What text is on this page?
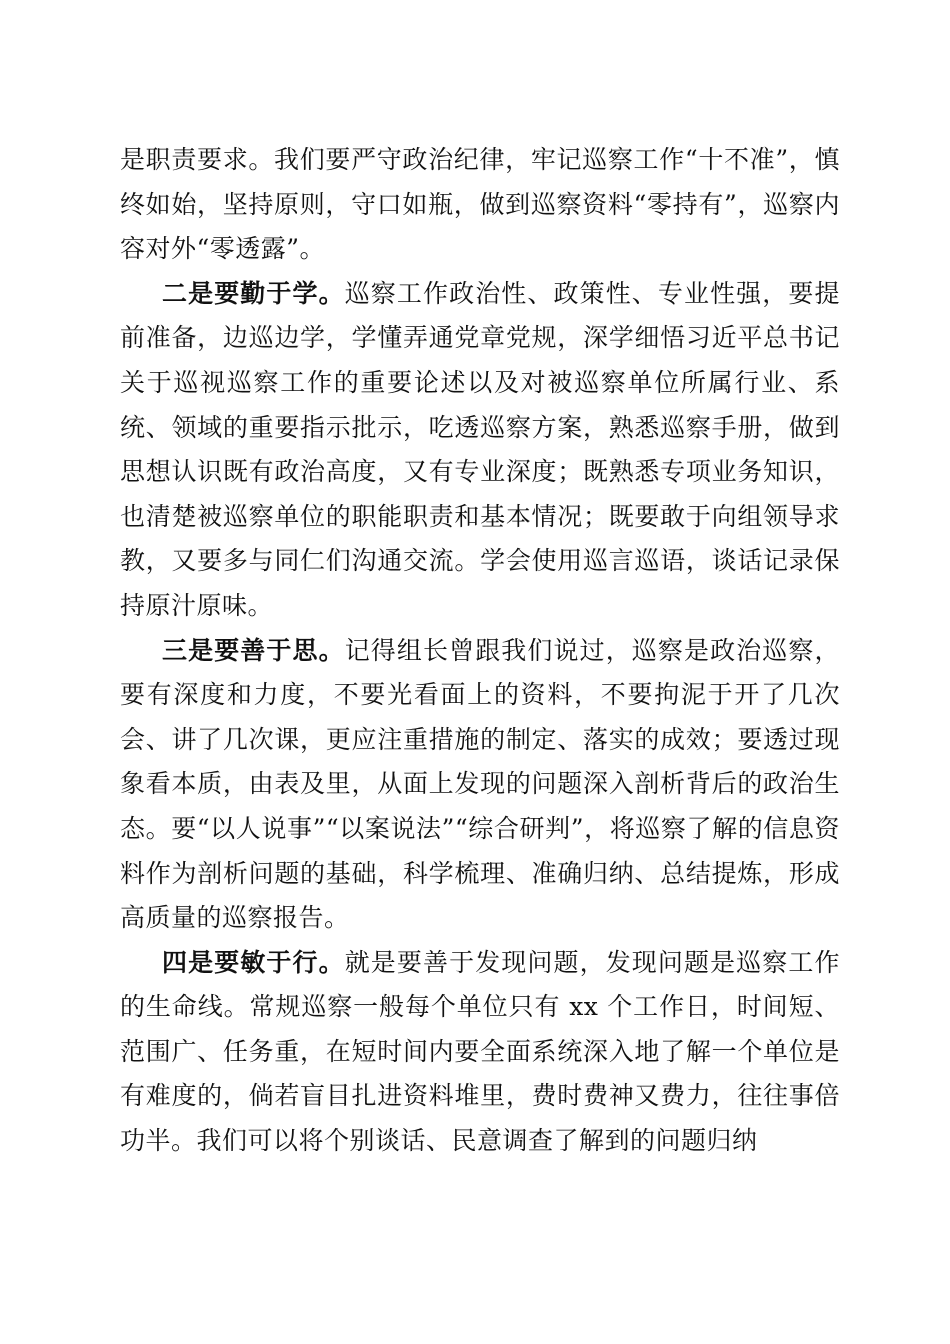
是职责要求。我们要严守政治纪律，牢记巡察工作“十不准”，慎终如始，坚持原则，守口如瓶，做到巡察资料“零持有”，巡察内容对外“零透露”。

二是要勤于学。巡察工作政治性、政策性、专业性强，要提前准备，边巡边学，学懂弄通党章党规，深学细悟习近平总书记关于巡视巡察工作的重要论述以及对被巡察单位所属行业、系统、领域的重要指示批示，吃透巡察方案，熟悉巡察手册，做到思想认识既有政治高度，又有专业深度；既熟悉专项业务知识，也清楚被巡察单位的职能职责和基本情况；既要敢于向组领导求教，又要多与同仁们沟通交流。学会使用巡言巡语，谈话记录保持原汁原味。

三是要善于思。记得组长曾跟我们说过，巡察是政治巡察，要有深度和力度，不要光看面上的资料，不要拘泥于开了几次会、讲了几次课，更应注重措施的制定、落实的成效；要透过现象看本质，由表及里，从面上发现的问题深入剖析背后的政治生态。要“以人说事”“以案说法”“综合研判”，将巡察了解的信息资料作为剖析问题的基础，科学梳理、准确归纳、总结提炼，形成高质量的巡察报告。

四是要敏于行。就是要善于发现问题，发现问题是巡察工作的生命线。常规巡察一般每个单位只有 xx 个工作日，时间短、范围广、任务重，在短时间内要全面系统深入地了解一个单位是有难度的，倘若盲目扎进资料堆里，费时费神又费力，往往事倍功半。我们可以将个别谈话、民意调查了解到的问题归纳
